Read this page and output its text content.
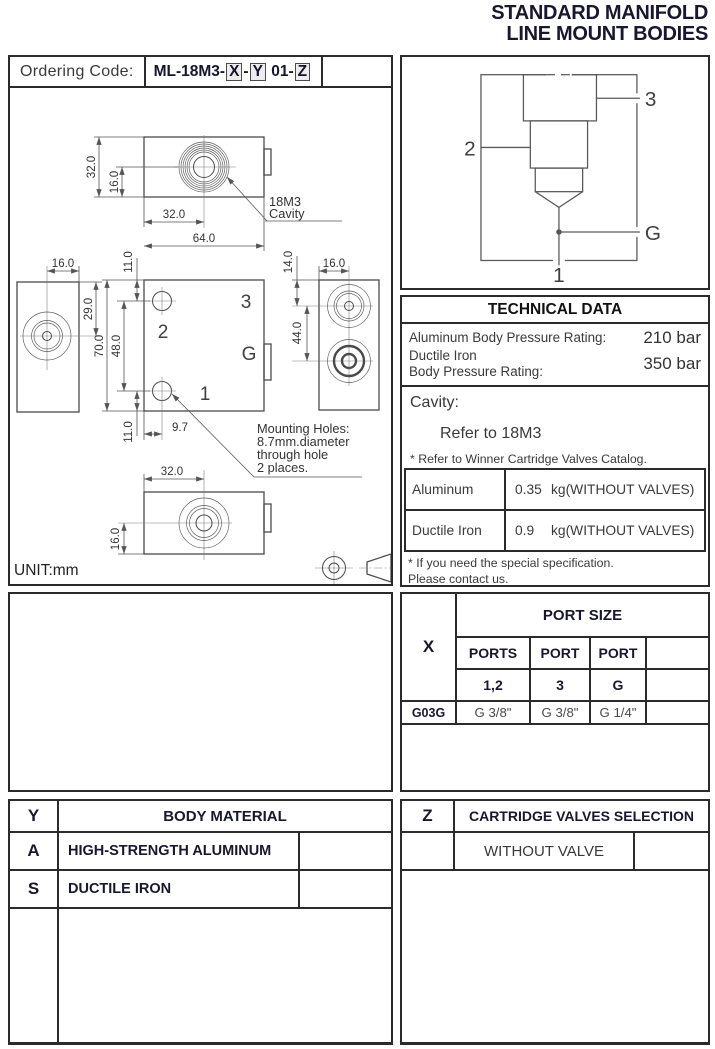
STANDARD MANIFOLD
LINE MOUNT BODIES
Ordering Code: ML-18M3- X - Y 01- Z
32.0
16.0
32.0
64.0
18M3
Cavity
16.0
29.0
2
3
G
1
70.0 48.0
11.0
11.0	9.7	Mounting Holes:
8.7mm.diameter
through hole
2 places.
16.0
14.0
44.0
32.0
16.0
UNIT:mm
3
2
G
1
TECHNICAL DATA
Aluminum Body Pressure Rating: 210 bar
Ductile Iron
Body Pressure Rating:	350 bar
Cavity:
Refer to 18M3
* Refer to Winner Cartridge Valves Catalog.
Aluminum	0.35 kg(WITHOUT VALVES)
Ductile Iron	0.9	kg(WITHOUT VALVES)
* If you need the special specification.
Please contact us.
X
PORT SIZE
PORTS	PORT	PORT
1,2	3	G
G03G	G 3/8"	G 3/8"	G 1/4"
Y	BODY MATERIAL
A	HIGH-STRENGTH ALUMINUM
S	DUCTILE IRON
Z	CARTRIDGE VALVES SELECTION
WITHOUT VALVE
